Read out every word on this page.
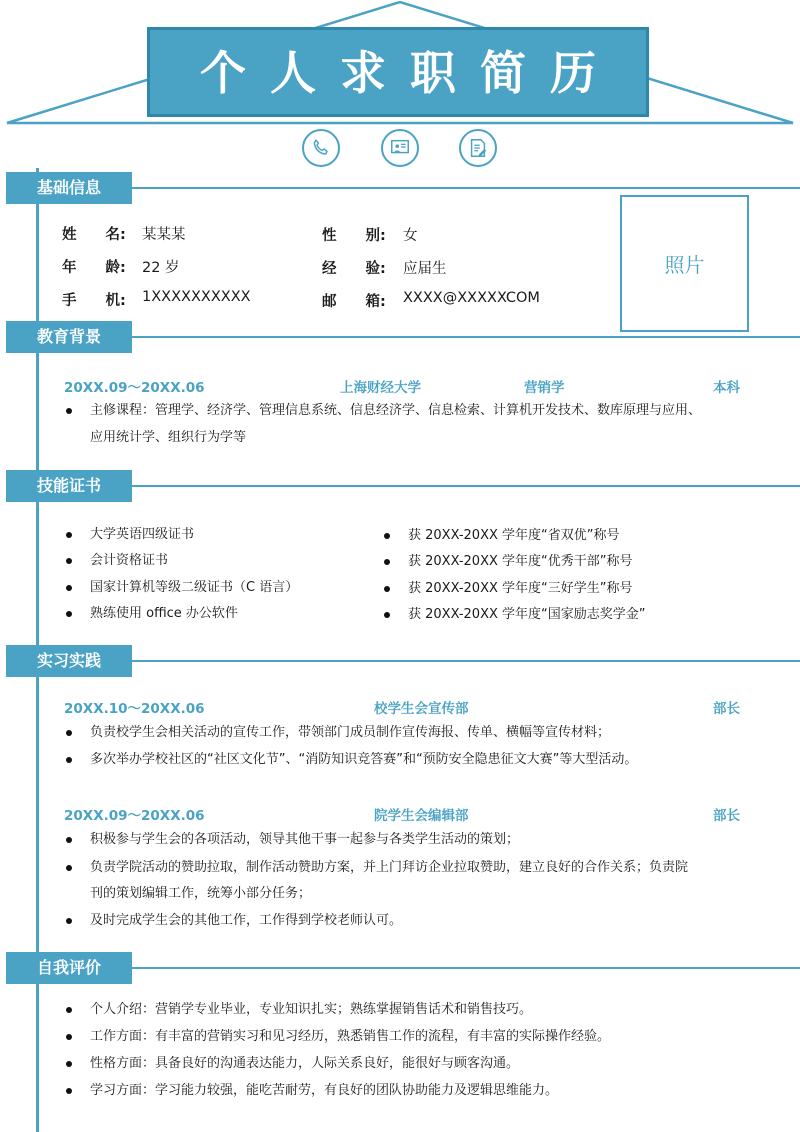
个人求职简历
基础信息
姓　　名: 某某某	性　　别: 女
年　　龄: 22 岁	经　　验: 应届生
手　　机: 1XXXXXXXXXX	邮　　箱: XXXX@XXXXXCOM
照片
教育背景
20XX.09～20XX.06	上海财经大学	营销学	本科
主修课程：管理学、经济学、管理信息系统、信息经济学、信息检索、计算机开发技术、数库原理与应用、
应用统计学、组织行为学等
技能证书
大学英语四级证书
会计资格证书
国家计算机等级二级证书（C 语言）
熟练使用 office 办公软件
获 20XX-20XX 学年度“省双优”称号
获 20XX-20XX 学年度“优秀干部”称号
获 20XX-20XX 学年度“三好学生”称号
获 20XX-20XX 学年度“国家励志奖学金”
实习实践
20XX.10～20XX.06	校学生会宣传部	部长
负责校学生会相关活动的宣传工作，带领部门成员制作宣传海报、传单、横幅等宣传材料；
多次举办学校社区的“社区文化节”、“消防知识竞答赛”和“预防安全隐患征文大赛”等大型活动。
20XX.09～20XX.06	院学生会编辑部	部长
积极参与学生会的各项活动，领导其他干事一起参与各类学生活动的策划；
负责学院活动的赞助拉取，制作活动赞助方案，并上门拜访企业拉取赞助，建立良好的合作关系；负责院
刊的策划编辑工作，统筹小部分任务；
及时完成学生会的其他工作，工作得到学校老师认可。
自我评价
个人介绍：营销学专业毕业，专业知识扎实；熟练掌握销售话术和销售技巧。
工作方面：有丰富的营销实习和见习经历，熟悉销售工作的流程，有丰富的实际操作经验。
性格方面：具备良好的沟通表达能力，人际关系良好，能很好与顾客沟通。
学习方面：学习能力较强，能吃苦耐劳，有良好的团队协助能力及逻辑思维能力。
